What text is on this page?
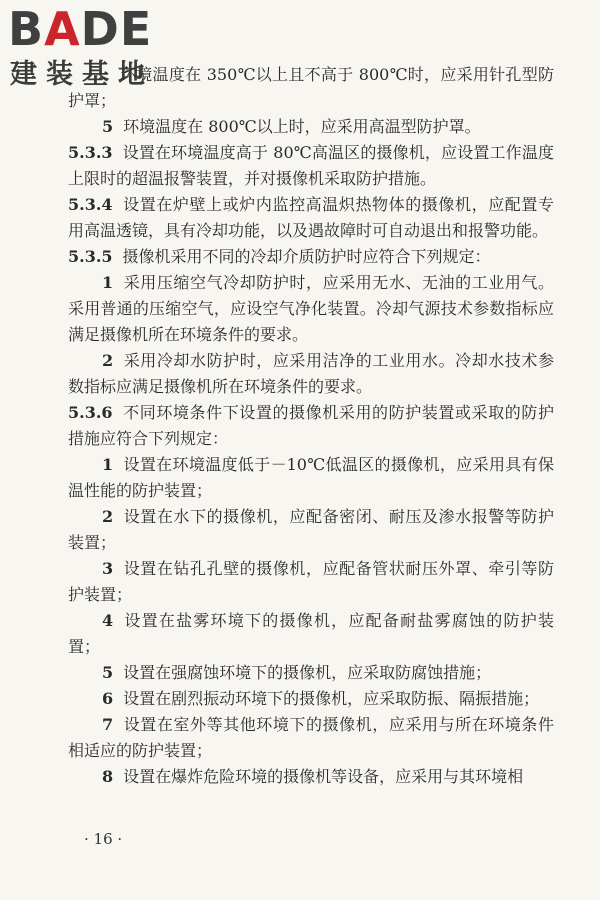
BADE
建装基地

环境温度在 350℃以上且不高于 800℃时，应采用针孔型防护罩；

5 环境温度在 800℃以上时，应采用高温型防护罩。

5.3.3 设置在环境温度高于 80℃高温区的摄像机，应设置工作温度上限时的超温报警装置，并对摄像机采取防护措施。

5.3.4 设置在炉壁上或炉内监控高温炽热物体的摄像机，应配置专用高温透镜，具有冷却功能，以及遇故障时可自动退出和报警功能。

5.3.5 摄像机采用不同的冷却介质防护时应符合下列规定：

1 采用压缩空气冷却防护时，应采用无水、无油的工业用气。采用普通的压缩空气，应设空气净化装置。冷却气源技术参数指标应满足摄像机所在环境条件的要求。

2 采用冷却水防护时，应采用洁净的工业用水。冷却水技术参数指标应满足摄像机所在环境条件的要求。

5.3.6 不同环境条件下设置的摄像机采用的防护装置或采取的防护措施应符合下列规定：

1 设置在环境温度低于－10℃低温区的摄像机，应采用具有保温性能的防护装置；

2 设置在水下的摄像机，应配备密闭、耐压及渗水报警等防护装置；

3 设置在钻孔孔壁的摄像机，应配备管状耐压外罩、牵引等防护装置；

4 设置在盐雾环境下的摄像机，应配备耐盐雾腐蚀的防护装置；

5 设置在强腐蚀环境下的摄像机，应采取防腐蚀措施；

6 设置在剧烈振动环境下的摄像机，应采取防振、隔振措施；

7 设置在室外等其他环境下的摄像机，应采用与所在环境条件相适应的防护装置；

8 设置在爆炸危险环境的摄像机等设备，应采用与其环境相

· 16 ·
